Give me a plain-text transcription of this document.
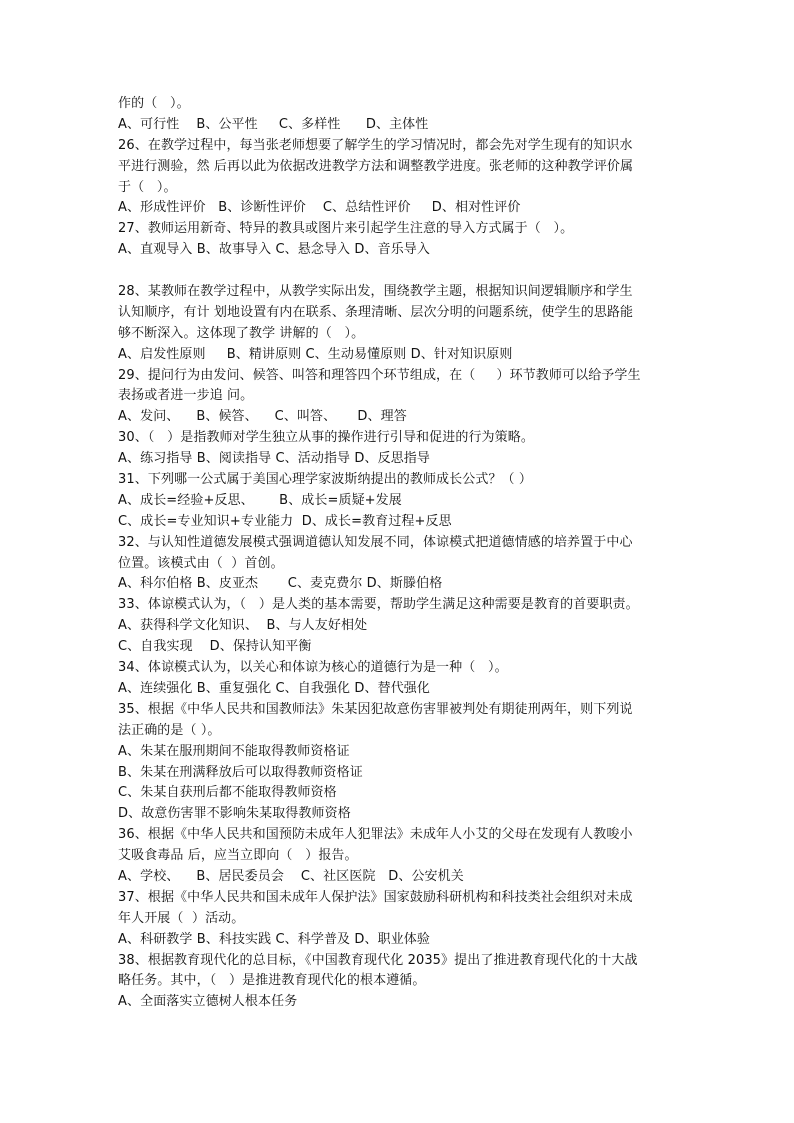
作的（   ）。
A、可行性    B、公平性     C、多样性      D、主体性
26、在教学过程中，每当张老师想要了解学生的学习情况时，都会先对学生现有的知识水
平进行测验，然 后再以此为依据改进教学方法和调整教学进度。张老师的这种教学评价属
于（   ）。
A、形成性评价   B、诊断性评价    C、总结性评价     D、相对性评价
27、教师运用新奇、特异的教具或图片来引起学生注意的导入方式属于（   ）。
A、直观导入 B、故事导入 C、悬念导入 D、音乐导入
28、某教师在教学过程中，从教学实际出发，围绕教学主题，根据知识间逻辑顺序和学生
认知顺序，有计 划地设置有内在联系、条理清晰、层次分明的问题系统，使学生的思路能
够不断深入。这体现了教学 讲解的（   ）。
A、启发性原则     B、精讲原则 C、生动易懂原则 D、针对知识原则
29、提问行为由发问、候答、叫答和理答四个环节组成，在（     ）环节教师可以给予学生
表扬或者进一步追 问。
A、发问、    B、候答、    C、叫答、     D、理答
30、（   ）是指教师对学生独立从事的操作进行引导和促进的行为策略。
A、练习指导 B、阅读指导 C、活动指导 D、反思指导
31、下列哪一公式属于美国心理学家波斯纳提出的教师成长公式？（ ）
A、成长=经验+反思、      B、成长=质疑+发展
C、成长=专业知识+专业能力  D、成长=教育过程+反思
32、与认知性道德发展模式强调道德认知发展不同，体谅模式把道德情感的培养置于中心
位置。该模式由（  ）首创。
A、科尔伯格 B、皮亚杰       C、麦克费尔 D、斯滕伯格
33、体谅模式认为，（   ）是人类的基本需要，帮助学生满足这种需要是教育的首要职责。
A、获得科学文化知识、  B、与人友好相处
C、自我实现    D、保持认知平衡
34、体谅模式认为，以关心和体谅为核心的道德行为是一种（   ）。
A、连续强化 B、重复强化 C、自我强化 D、替代强化
35、根据《中华人民共和国教师法》朱某因犯故意伤害罪被判处有期徒刑两年，则下列说
法正确的是（ ）。
A、朱某在服刑期间不能取得教师资格证
B、朱某在刑满释放后可以取得教师资格证
C、朱某自获刑后都不能取得教师资格
D、故意伤害罪不影响朱某取得教师资格
36、根据《中华人民共和国预防未成年人犯罪法》未成年人小艾的父母在发现有人教唆小
艾吸食毒品 后，应当立即向（   ）报告。
A、学校、    B、居民委员会    C、社区医院   D、公安机关
37、根据《中华人民共和国未成年人保护法》国家鼓励科研机构和科技类社会组织对未成
年人开展（  ）活动。
A、科研教学 B、科技实践 C、科学普及 D、职业体验
38、根据教育现代化的总目标，《中国教育现代化 2035》提出了推进教育现代化的十大战
略任务。其中，（   ）是推进教育现代化的根本遵循。
A、全面落实立德树人根本任务
